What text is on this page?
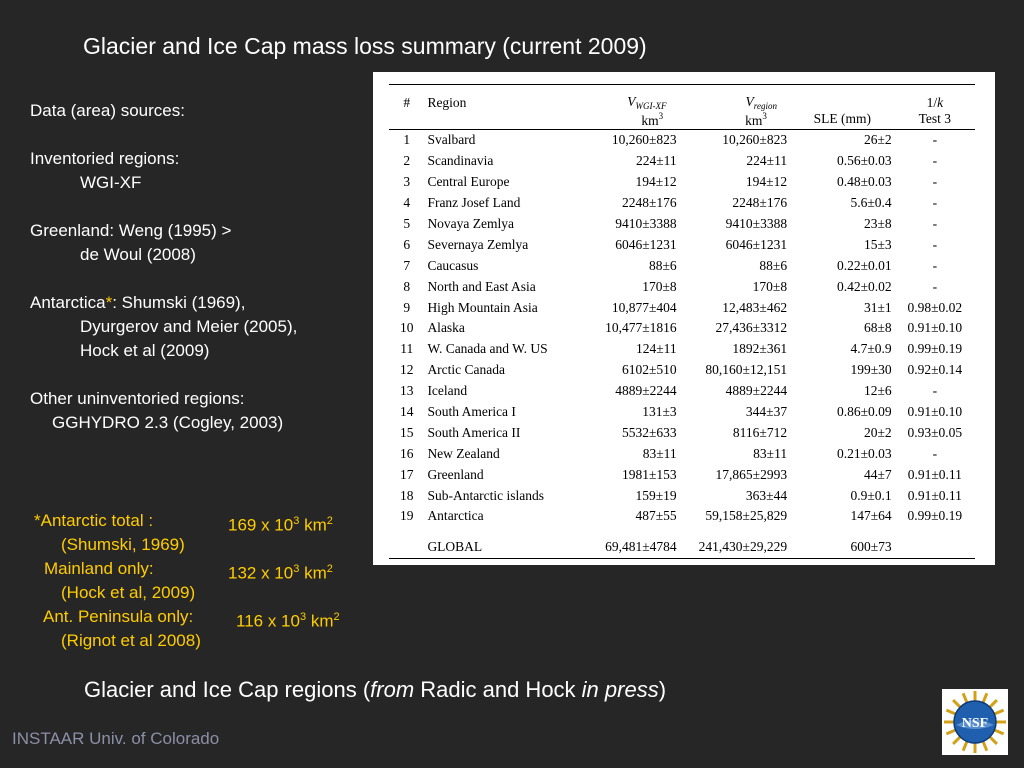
Glacier and Ice Cap mass loss summary (current 2009)
Data (area) sources:
Inventoried regions:
WGI-XF
Greenland: Weng (1995) >
de Woul (2008)
Antarctica*: Shumski (1969),
Dyurgerov and Meier (2005),
Hock et al (2009)
Other uninventoried regions:
GGHYDRO 2.3 (Cogley, 2003)
*Antarctic total :	169 x $10^3$ $km^2$
(Shumski, 1969)
Mainland only:	132 x $10^3$ $km^2$
(Hock et al, 2009)
Ant. Peninsula only:	116 x $10^3$ $km^2$
(Rignot et al 2008)
#	Region	$V_{WGI-XF}$	$V_{region}$		1/k
		$km^3$	$km^3$	SLE (mm)	Test 3
1	Svalbard	10,260±823	10,260±823	26±2	-
2	Scandinavia	224±11	224±11	0.56±0.03	-
3	Central Europe	194±12	194±12	0.48±0.03	-
4	Franz Josef Land	2248±176	2248±176	5.6±0.4	-
5	Novaya Zemlya	9410±3388	9410±3388	23±8	-
6	Severnaya Zemlya	6046±1231	6046±1231	15±3	-
7	Caucasus	88±6	88±6	0.22±0.01	-
8	North and East Asia	170±8	170±8	0.42±0.02	-
9	High Mountain Asia	10,877±404	12,483±462	31±1	0.98±0.02
10	Alaska	10,477±1816	27,436±3312	68±8	0.91±0.10
11	W. Canada and W. US	124±11	1892±361	4.7±0.9	0.99±0.19
12	Arctic Canada	6102±510	80,160±12,151	199±30	0.92±0.14
13	Iceland	4889±2244	4889±2244	12±6	-
14	South America I	131±3	344±37	0.86±0.09	0.91±0.10
15	South America II	5532±633	8116±712	20±2	0.93±0.05
16	New Zealand	83±11	83±11	0.21±0.03	-
17	Greenland	1981±153	17,865±2993	44±7	0.91±0.11
18	Sub-Antarctic islands	159±19	363±44	0.9±0.1	0.91±0.11
19	Antarctica	487±55	59,158±25,829	147±64	0.99±0.19

	GLOBAL	69,481±4784	241,430±29,229	600±73	
Glacier and Ice Cap regions (from Radic and Hock in press)
INSTAAR Univ. of Colorado
NSF
